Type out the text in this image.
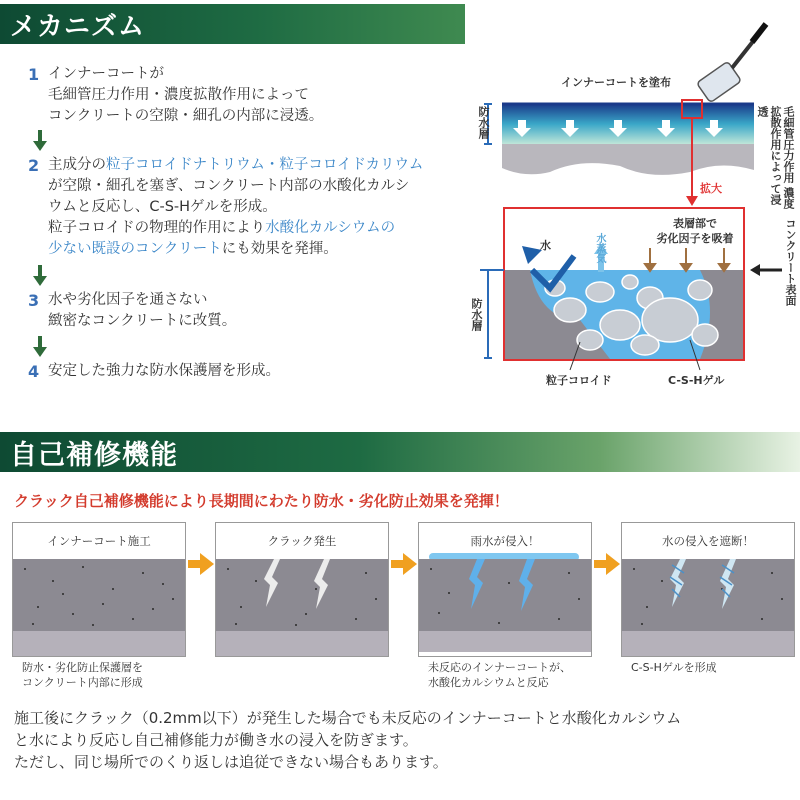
メカニズム
1 インナーコートが
毛細管圧力作用・濃度拡散作用によって
コンクリートの空隙・細孔の内部に浸透。
2 主成分の粒子コロイドナトリウム・粒子コロイドカリウム
が空隙・細孔を塞ぎ、コンクリート内部の水酸化カルシ
ウムと反応し、C-S-Hゲルを形成。
粒子コロイドの物理的作用により水酸化カルシウムの
少ない既設のコンクリートにも効果を発揮。
3 水や劣化因子を通さない
緻密なコンクリートに改質。
4 安定した強力な防水保護層を形成。
インナーコートを塗布
防水層	毛細管圧力作用 濃度拡散作用によって浸透
拡大
水	水蒸気
表層部で
劣化因子を吸着	コンクリート表面
防水層
粒子コロイド	C-S-Hゲル
自己補修機能
クラック自己補修機能により長期間にわたり防水・劣化防止効果を発揮！
インナーコート施工	クラック発生	雨水が侵入！	水の侵入を遮断！
防水・劣化防止保護層を
コンクリート内部に形成
未反応のインナーコートが、
水酸化カルシウムと反応
C-S-Hゲルを形成
施工後にクラック（0.2mm以下）が発生した場合でも未反応のインナーコートと水酸化カルシウム
と水により反応し自己補修能力が働き水の浸入を防ぎます。
ただし、同じ場所でのくり返しは追従できない場合もあります。
